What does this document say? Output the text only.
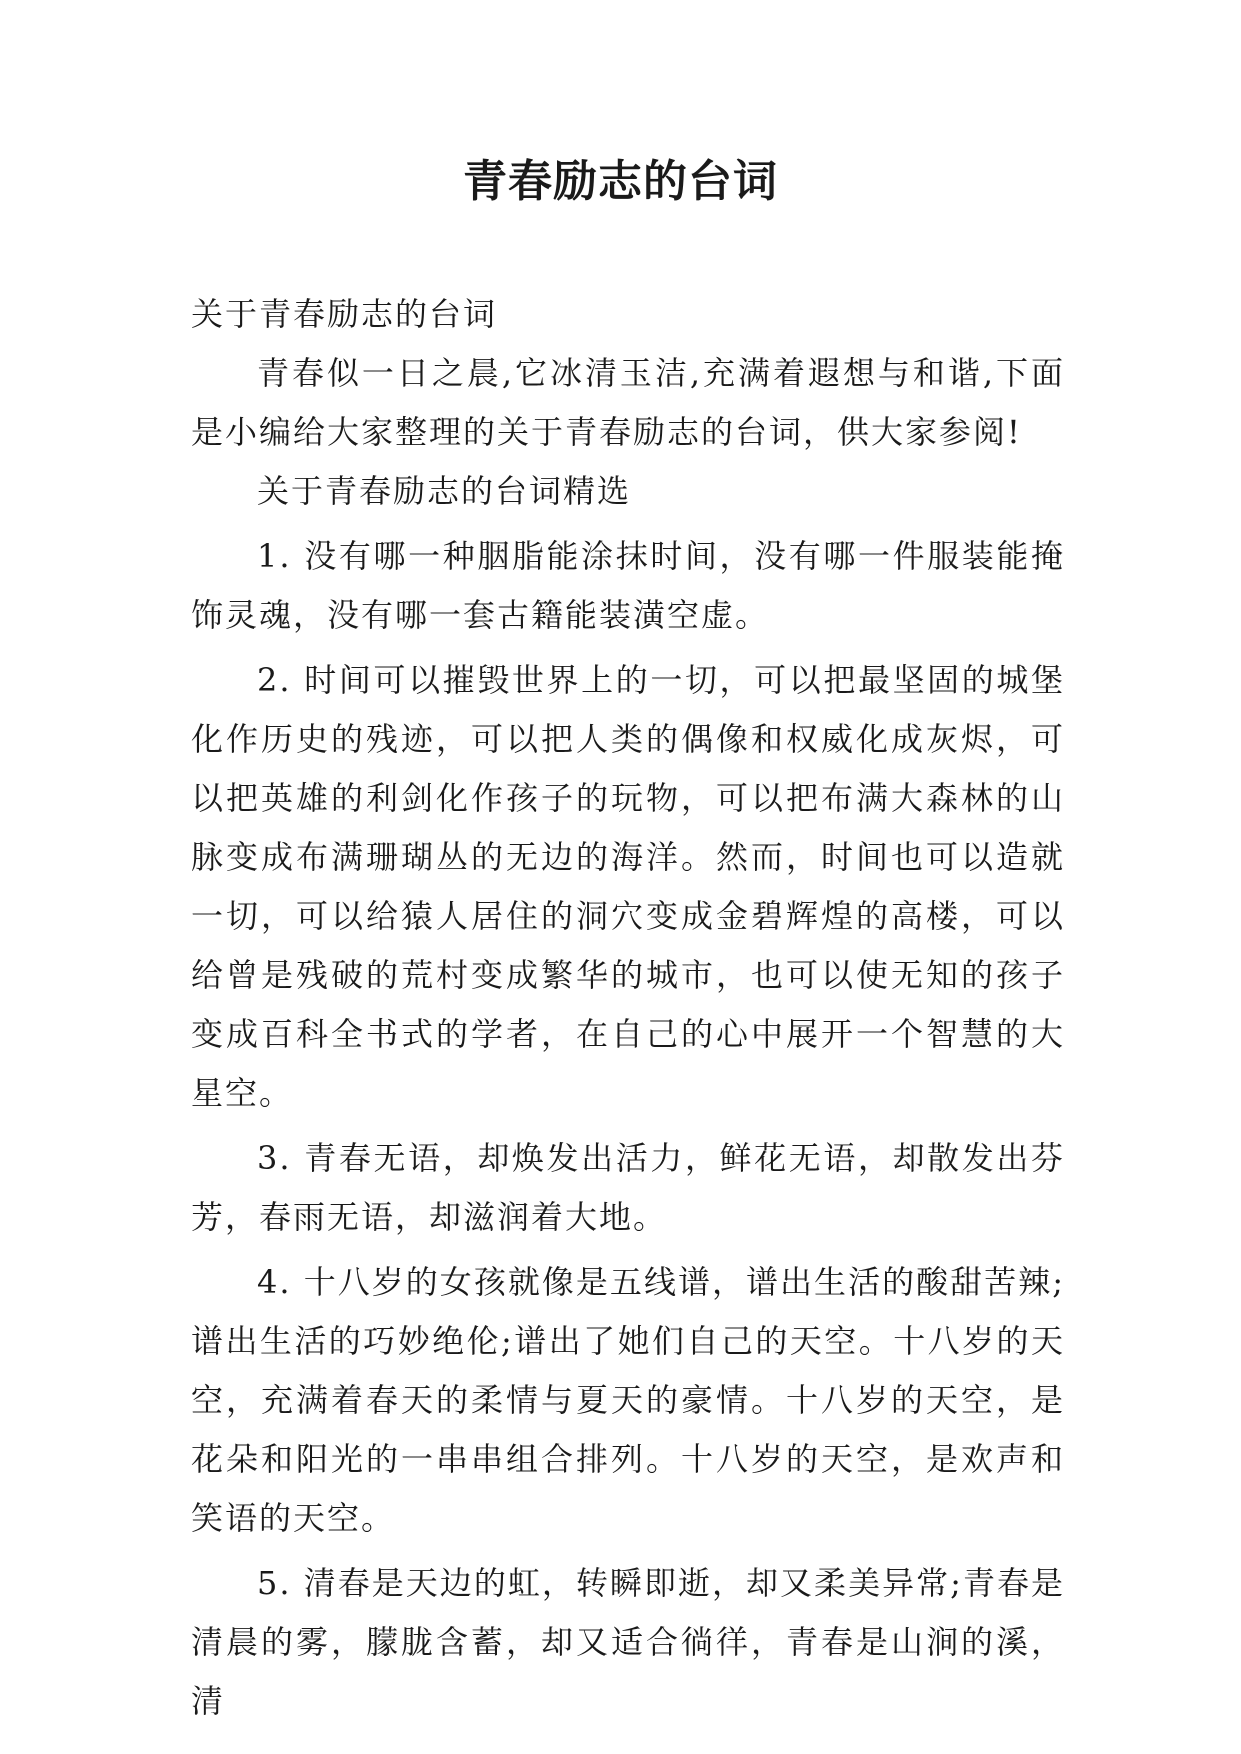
青春励志的台词

关于青春励志的台词

青春似一日之晨,它冰清玉洁,充满着遐想与和谐,下面是小编给大家整理的关于青春励志的台词，供大家参阅!

关于青春励志的台词精选

1. 没有哪一种胭脂能涂抹时间，没有哪一件服装能掩饰灵魂，没有哪一套古籍能装潢空虚。

2. 时间可以摧毁世界上的一切，可以把最坚固的城堡化作历史的残迹，可以把人类的偶像和权威化成灰烬，可以把英雄的利剑化作孩子的玩物，可以把布满大森林的山脉变成布满珊瑚丛的无边的海洋。然而，时间也可以造就一切，可以给猿人居住的洞穴变成金碧辉煌的高楼，可以给曾是残破的荒村变成繁华的城市，也可以使无知的孩子变成百科全书式的学者，在自己的心中展开一个智慧的大星空。

3. 青春无语，却焕发出活力，鲜花无语，却散发出芬芳，春雨无语，却滋润着大地。

4. 十八岁的女孩就像是五线谱，谱出生活的酸甜苦辣;谱出生活的巧妙绝伦;谱出了她们自己的天空。十八岁的天空，充满着春天的柔情与夏天的豪情。十八岁的天空，是花朵和阳光的一串串组合排列。十八岁的天空，是欢声和笑语的天空。

5. 清春是天边的虹，转瞬即逝，却又柔美异常;青春是清晨的雾，朦胧含蓄，却又适合徜徉，青春是山涧的溪，清
